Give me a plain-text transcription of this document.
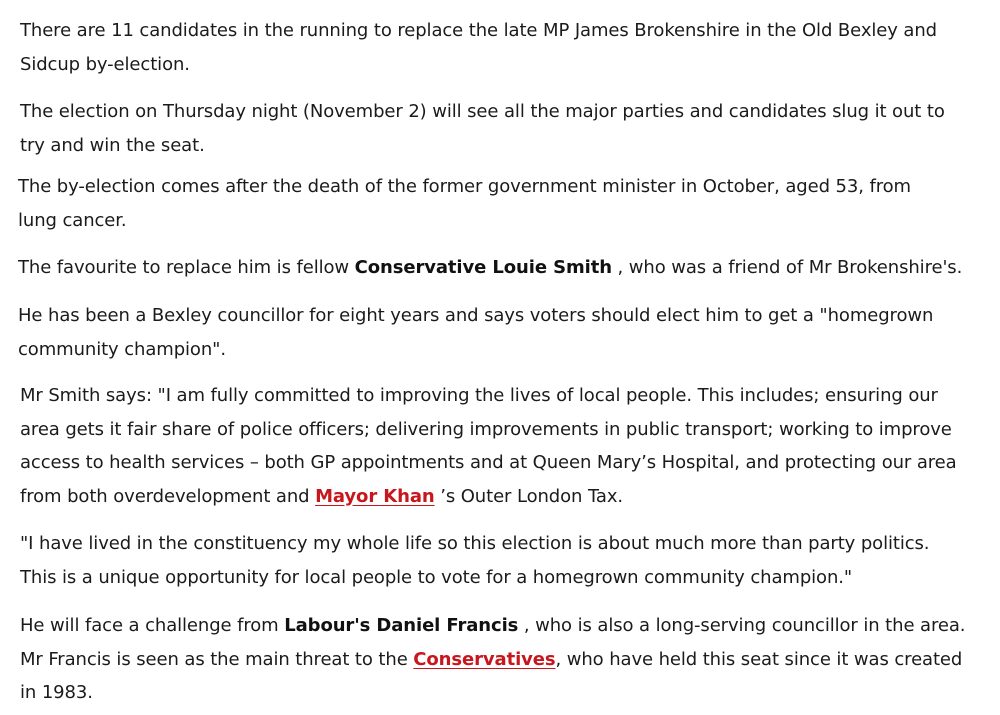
There are 11 candidates in the running to replace the late MP James Brokenshire in the Old Bexley and Sidcup by-election.

The election on Thursday night (November 2) will see all the major parties and candidates slug it out to try and win the seat.

The by-election comes after the death of the former government minister in October, aged 53, from lung cancer.

The favourite to replace him is fellow Conservative Louie Smith , who was a friend of Mr Brokenshire's.

He has been a Bexley councillor for eight years and says voters should elect him to get a "homegrown community champion".

Mr Smith says: "I am fully committed to improving the lives of local people. This includes; ensuring our area gets it fair share of police officers; delivering improvements in public transport; working to improve access to health services – both GP appointments and at Queen Mary’s Hospital, and protecting our area from both overdevelopment and Mayor Khan ’s Outer London Tax.

"I have lived in the constituency my whole life so this election is about much more than party politics. This is a unique opportunity for local people to vote for a homegrown community champion."

He will face a challenge from Labour's Daniel Francis , who is also a long-serving councillor in the area. Mr Francis is seen as the main threat to the Conservatives, who have held this seat since it was created in 1983.
